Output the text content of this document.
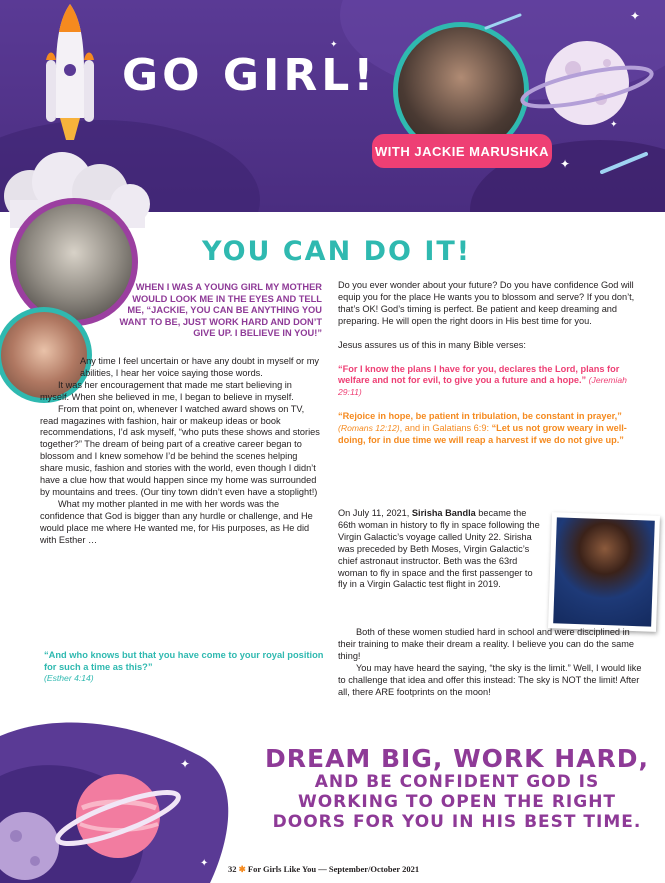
GO GIRL!
WITH JACKIE MARUSHKA
✦
✦
✦
✦
YOU CAN DO IT!
WHEN I WAS A YOUNG GIRL MY MOTHER WOULD LOOK ME IN THE EYES AND TELL ME, “JACKIE, YOU CAN BE ANYTHING YOU WANT TO BE, JUST WORK HARD AND DON’T GIVE UP. I BELIEVE IN YOU!”

Any time I feel uncertain or have any doubt in myself or my abilities, I hear her voice saying those words.

It was her encouragement that made me start believing in myself. When she believed in me, I began to believe in myself.

From that point on, whenever I watched award shows on TV, read magazines with fashion, hair or makeup ideas or book recommendations, I’d ask myself, “who puts these shows and stories together?” The dream of being part of a creative career began to blossom and I knew somehow I’d be behind the scenes helping share music, fashion and stories with the world, even though I didn’t have a clue how that would happen since my home was surrounded by mountains and trees. (Our tiny town didn’t even have a stoplight!)

What my mother planted in me with her words was the confidence that God is bigger than any hurdle or challenge, and He would place me where He wanted me, for His purposes, as He did with Esther …

“And who knows but that you have come to your royal position for such a time as this?”
(Esther 4:14)

Do you ever wonder about your future? Do you have confidence God will equip you for the place He wants you to blossom and serve? If you don’t, that’s OK! God’s timing is perfect. Be patient and keep dreaming and preparing. He will open the right doors in His best time for you.

Jesus assures us of this in many Bible verses:

“For I know the plans I have for you, declares the Lord, plans for welfare and not for evil, to give you a future and a hope.” (Jeremiah 29:11)

“Rejoice in hope, be patient in tribulation, be constant in prayer,” (Romans 12:12), and in Galatians 6:9: “Let us not grow weary in well-doing, for in due time we will reap a harvest if we do not give up.”

On July 11, 2021, Sirisha Bandla became the 66th woman in history to fly in space following the Virgin Galactic’s voyage called Unity 22. Sirisha was preceded by Beth Moses, Virgin Galactic’s chief astronaut instructor. Beth was the 63rd woman to fly in space and the first passenger to fly in a Virgin Galactic test flight in 2019.

Both of these women studied hard in school and were disciplined in their training to make their dream a reality. I believe you can do the same thing!

You may have heard the saying, “the sky is the limit.” Well, I would like to challenge that idea and offer this instead: The sky is NOT the limit! After all, there ARE footprints on the moon!

✦
✦
DREAM BIG, WORK HARD,
AND BE CONFIDENT GOD IS
WORKING TO OPEN THE RIGHT
DOORS FOR YOU IN HIS BEST TIME.
32 ✱ For Girls Like You — September/October 2021
